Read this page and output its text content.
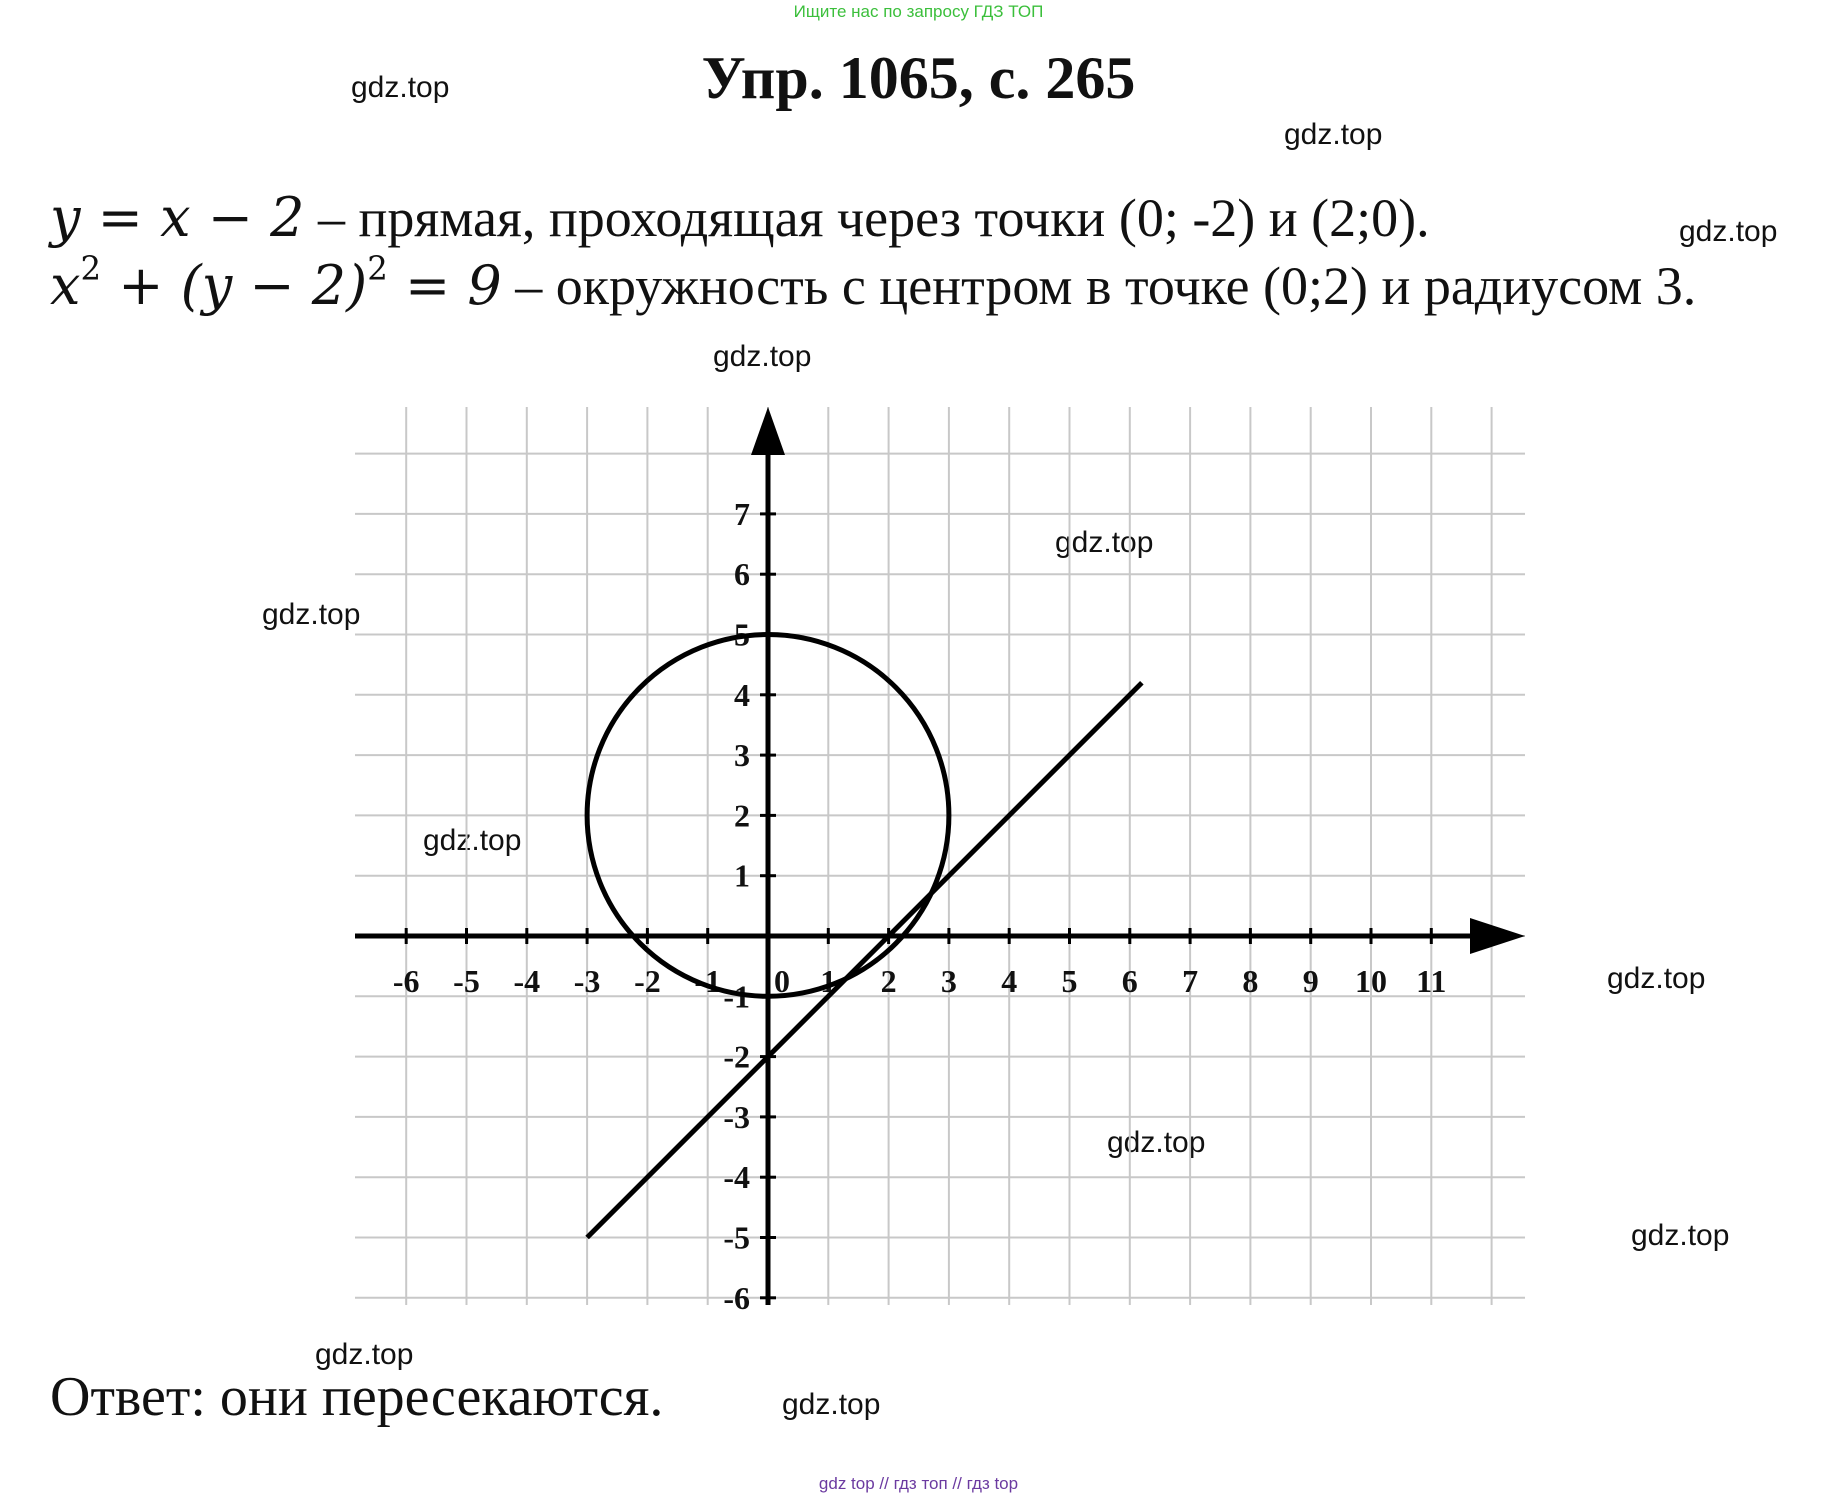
Ищите нас по запросу ГДЗ ТОП
Упр. 1065, с. 265
gdz.top
gdz.top
gdz.top
gdz.top
gdz.top
gdz.top
gdz.top
gdz.top
gdz.top
gdz.top
gdz.top
gdz.top
y = x − 2 – прямая, проходящая через точки (0; -2) и (2;0).
$x^2 + (y - 2)^2 = 9$ – окружность с центром в точке (0;2) и радиусом 3.
-6 -5 -4 -3 -2 -1 0 1 2 3 4 5 6 7 8 9 10 11
7
6
5
4
3
2
1
-1
-2
-3
-4
-5
-6
Ответ: они пересекаются.
gdz top // гдз топ // гдз top
